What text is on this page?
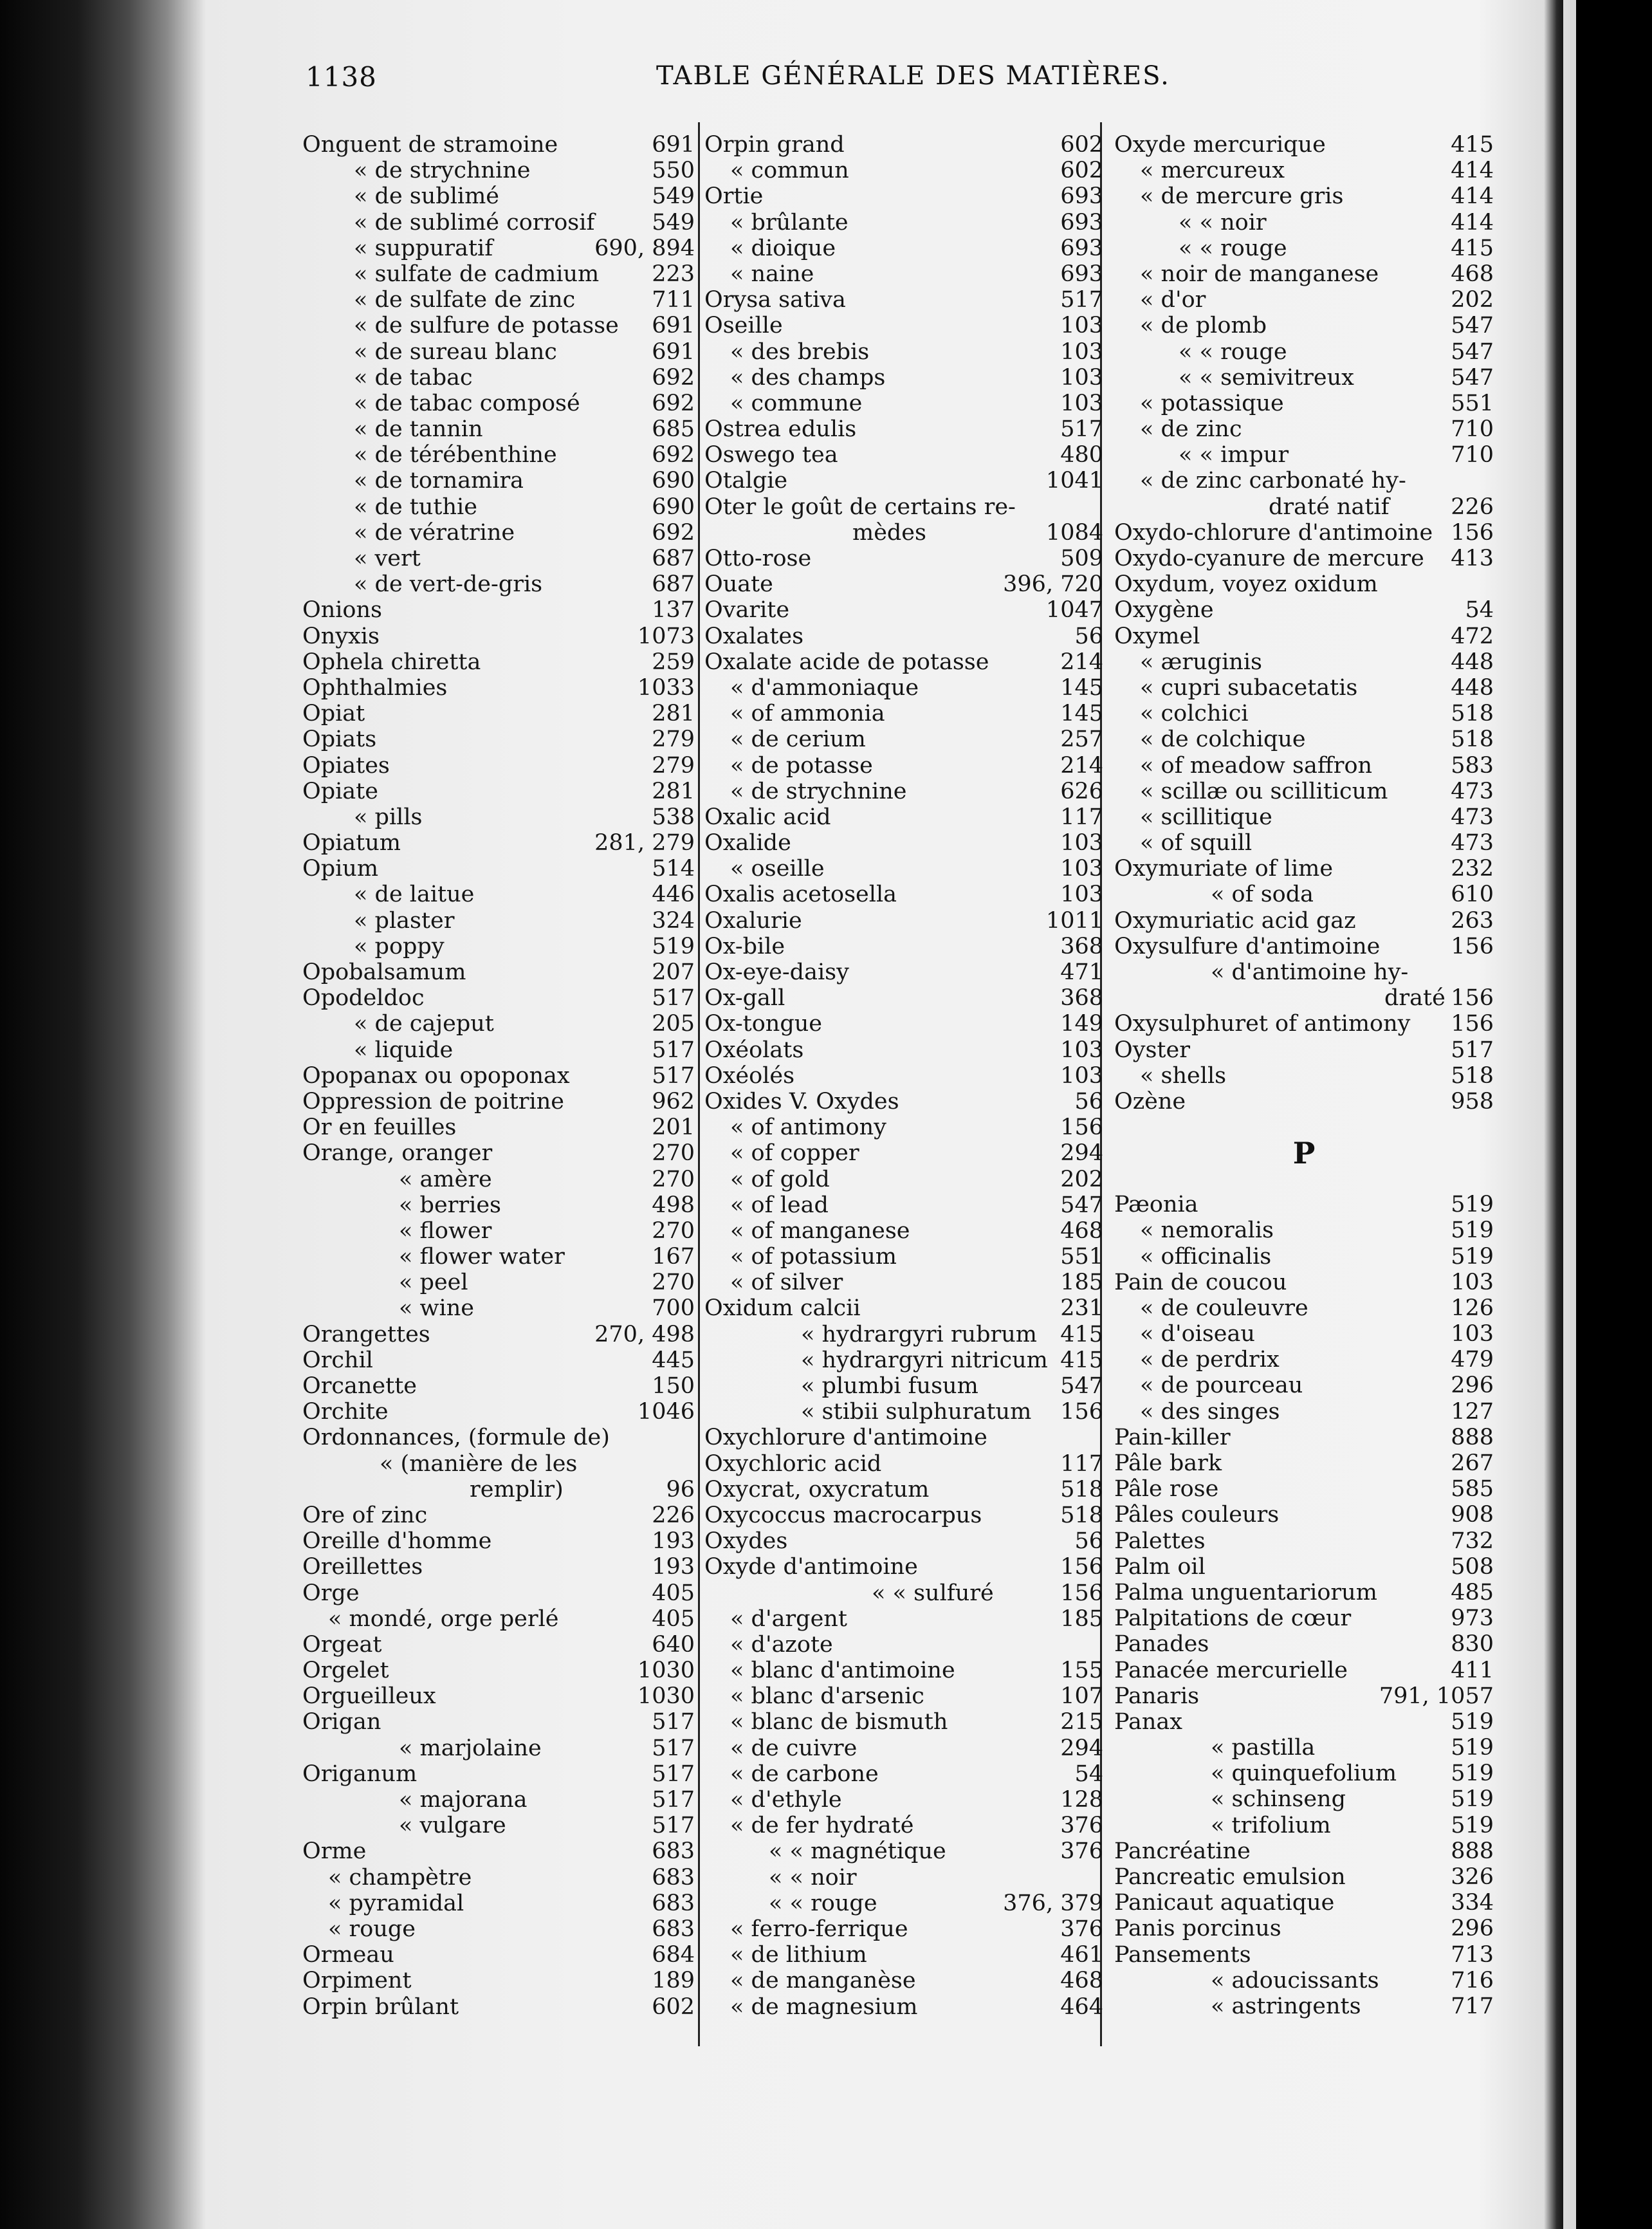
1138	TABLE GÉNÉRALE DES MATIÈRES.
Onguent de stramoine	691
« de strychnine	550
« de sublimé	549
« de sublimé corrosif	549
« suppuratif	690, 894
« sulfate de cadmium 223
« de sulfate de zinc	711
« de sulfure de potasse 691
« de sureau blanc	691
« de tabac	692
« de tabac composé	692
« de tannin	685
« de térébenthine	692
« de tornamira	690
« de tuthie	690
« de vératrine	692
« vert	687
« de vert-de-gris	687
Onions	137
Onyxis	1073
Ophela chiretta	259
Ophthalmies	1033
Opiat	281
Opiats	279
Opiates	279
Opiate	281
« pills	538
Opiatum	281, 279
Opium	514
« de laitue	446
« plaster	324
« poppy	519
Opobalsamum	207
Opodeldoc	517
« de cajeput	205
« liquide	517
Opopanax ou opoponax	517
Oppression de poitrine	962
Or en feuilles	201
Orange, oranger	270
« amère	270
« berries	498
« flower	270
« flower water	167
« peel	270
« wine	700
Orangettes	270, 498
Orchil	445
Orcanette	150
Orchite	1046
Ordonnances, (formule de)
« (manière de les
remplir)	96
Ore of zinc	226
Oreille d'homme	193
Oreillettes	193
Orge	405
« mondé, orge perlé	405
Orgeat	640
Orgelet	1030
Orgueilleux	1030
Origan	517
« marjolaine	517
Origanum	517
« majorana	517
« vulgare	517
Orme	683
« champètre	683
« pyramidal	683
« rouge	683
Ormeau	684
Orpiment	189
Orpin brûlant	602
Orpin grand	602
« commun	602
Ortie	693
« brûlante	693
« dioique	693
« naine	693
Orysa sativa	517
Oseille	103
« des brebis	103
« des champs	103
« commune	103
Ostrea edulis	517
Oswego tea	480
Otalgie	1041
Oter le goût de certains re-
mèdes	1084
Otto-rose	509
Ouate	396, 720
Ovarite	1047
Oxalates	56
Oxalate acide de potasse	214
« d'ammoniaque	145
« of ammonia	145
« de cerium	257
« de potasse	214
« de strychnine	626
Oxalic acid	117
Oxalide	103
« oseille	103
Oxalis acetosella	103
Oxalurie	1011
Ox-bile	368
Ox-eye-daisy	471
Ox-gall	368
Ox-tongue	149
Oxéolats	103
Oxéolés	103
Oxides V. Oxydes	56
« of antimony	156
« of copper	294
« of gold	202
« of lead	547
« of manganese	468
« of potassium	551
« of silver	185
Oxidum calcii	231
« hydrargyri rubrum 415
« hydrargyri nitricum 415
« plumbi fusum	547
« stibii sulphuratum 156
Oxychlorure d'antimoine
Oxychloric acid	117
Oxycrat, oxycratum	518
Oxycoccus macrocarpus	518
Oxydes	56
Oxyde d'antimoine	156
« « sulfuré	156
« d'argent	185
« d'azote
« blanc d'antimoine	155
« blanc d'arsenic	107
« blanc de bismuth	215
« de cuivre	294
« de carbone	54
« d'ethyle	128
« de fer hydraté	376
« « magnétique	376
« « noir
« « rouge	376, 379
« ferro-ferrique	376
« de lithium	461
« de manganèse	468
« de magnesium	464
Oxyde mercurique	415
« mercureux	414
« de mercure gris	414
« « noir	414
« « rouge	415
« noir de manganese	468
« d'or	202
« de plomb	547
« « rouge	547
« « semivitreux	547
« potassique	551
« de zinc	710
« « impur	710
« de zinc carbonaté hy-
draté natif	226
Oxydo-chlorure d'antimoine 156
Oxydo-cyanure de mercure 413
Oxydum, voyez oxidum
Oxygène	54
Oxymel	472
« æruginis	448
« cupri subacetatis	448
« colchici	518
« de colchique	518
« of meadow saffron	583
« scillæ ou scilliticum	473
« scillitique	473
« of squill	473
Oxymuriate of lime	232
« of soda	610
Oxymuriatic acid gaz	263
Oxysulfure d'antimoine	156
« d'antimoine hy-
draté 156
Oxysulphuret of antimony 156
Oyster	517
« shells	518
Ozène	958
P
Pæonia	519
« nemoralis	519
« officinalis	519
Pain de coucou	103
« de couleuvre	126
« d'oiseau	103
« de perdrix	479
« de pourceau	296
« des singes	127
Pain-killer	888
Pâle bark	267
Pâle rose	585
Pâles couleurs	908
Palettes	732
Palm oil	508
Palma unguentariorum	485
Palpitations de cœur	973
Panades	830
Panacée mercurielle	411
Panaris	791, 1057
Panax	519
« pastilla	519
« quinquefolium 519
« schinseng	519
« trifolium	519
Pancréatine	888
Pancreatic emulsion	326
Panicaut aquatique	334
Panis porcinus	296
Pansements	713
« adoucissants	716
« astringents	717
